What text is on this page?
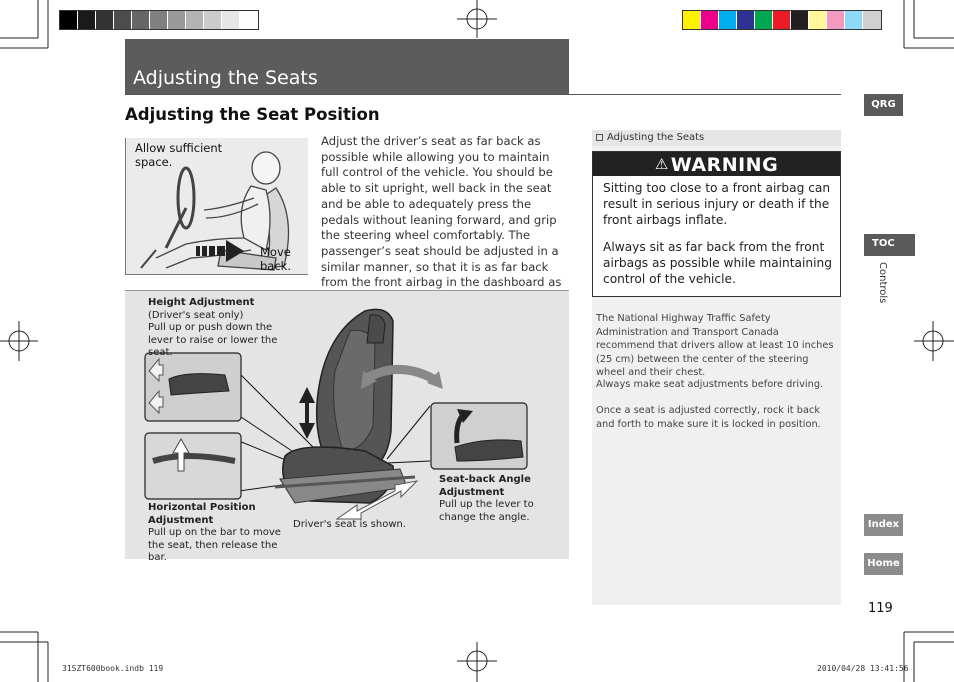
Adjusting the Seats
Adjusting the Seat Position
Allow sufficient space.
Move back.
Adjust the driver’s seat as far back as possible while allowing you to maintain full control of the vehicle. You should be able to sit upright, well back in the seat and be able to adequately press the pedals without leaning forward, and grip the steering wheel comfortably. The passenger’s seat should be adjusted in a similar manner, so that it is as far back from the front airbag in the dashboard as
Height Adjustment
(Driver's seat only)
Pull up or push down the lever to raise or lower the seat.
Horizontal Position Adjustment
Pull up on the bar to move the seat, then release the bar.
Seat-back Angle Adjustment
Pull up the lever to change the angle.
Driver's seat is shown.
Adjusting the Seats
⚠ WARNING
Sitting too close to a front airbag can result in serious injury or death if the front airbags inflate.
Always sit as far back from the front airbags as possible while maintaining control of the vehicle.
The National Highway Traffic Safety Administration and Transport Canada recommend that drivers allow at least 10 inches (25 cm) between the center of the steering wheel and their chest.
Always make seat adjustments before driving.
Once a seat is adjusted correctly, rock it back and forth to make sure it is locked in position.
QRG
TOC
Controls
Index
Home
119
31SZT600book.indb 119	2010/04/28 13:41:56
